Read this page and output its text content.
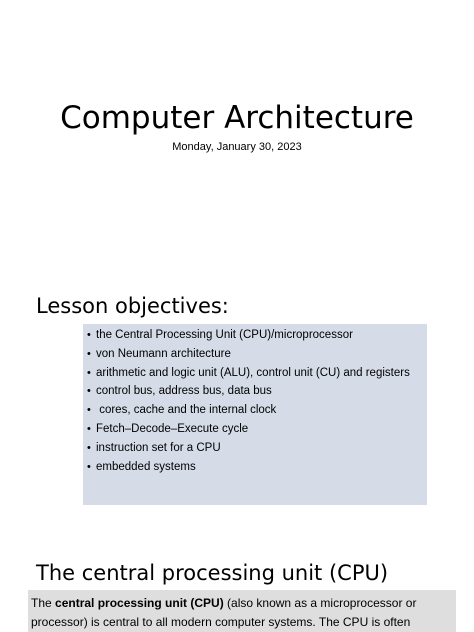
Computer Architecture
Monday, January 30, 2023
Lesson objectives:
• the Central Processing Unit (CPU)/microprocessor
• von Neumann architecture
• arithmetic and logic unit (ALU), control unit (CU) and registers
• control bus, address bus, data bus
• cores, cache and the internal clock
• Fetch–Decode–Execute cycle
• instruction set for a CPU
• embedded systems
The central processing unit (CPU)

The central processing unit (CPU) (also known as a microprocessor or
processor) is central to all modern computer systems. The CPU is often
